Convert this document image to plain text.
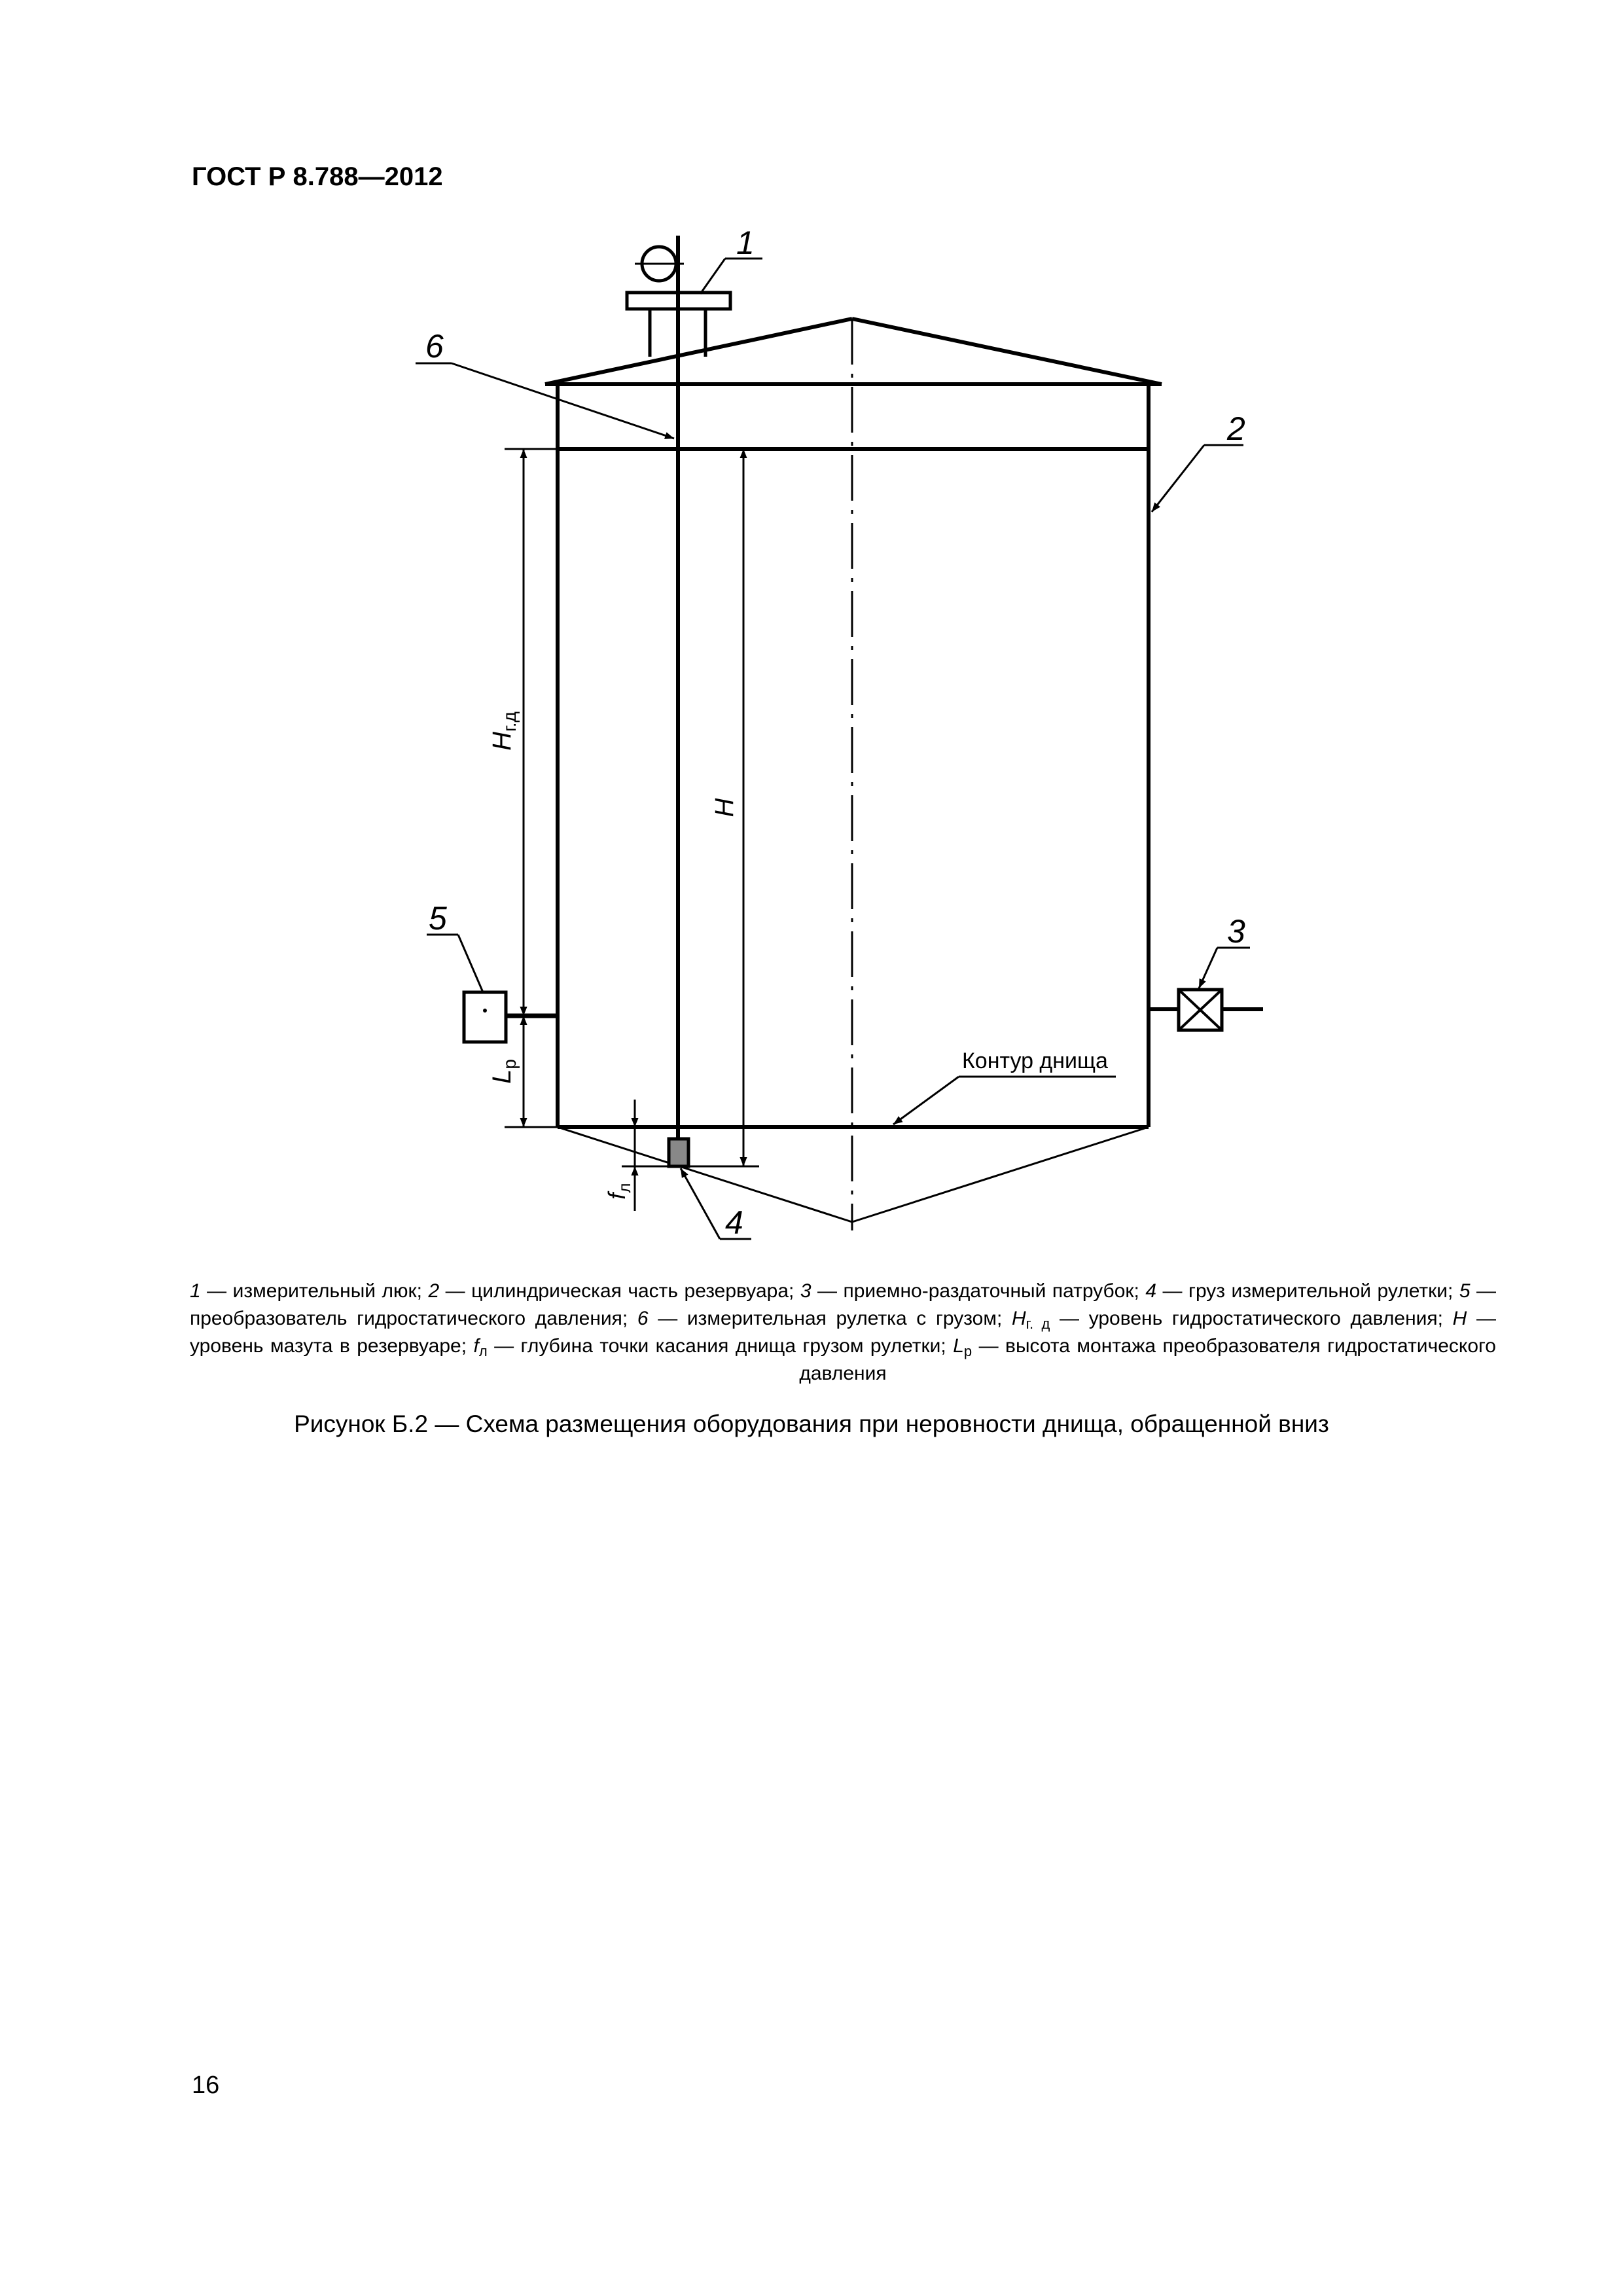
ГОСТ Р 8.788—2012
$H_{г.д}$
$L_р$
H
$f_л$
1
6
2
3
5
4
Контур днища

1 — измерительный люк; 2 — цилиндрическая часть резервуара; 3 — приемно-раздаточный патрубок; 4 — груз измерительной рулетки; 5 — преобразователь гидростатического давления; 6 — измерительная рулетка с грузом; $H_{г. д}$ — уровень гидростатического давления; H — уровень мазута в резервуаре; $f_л$ — глубина точки касания днища грузом рулетки; $L_р$ — высота монтажа преобразователя гидростатического давления

Рисунок Б.2 — Схема размещения оборудования при неровности днища, обращенной вниз

16
